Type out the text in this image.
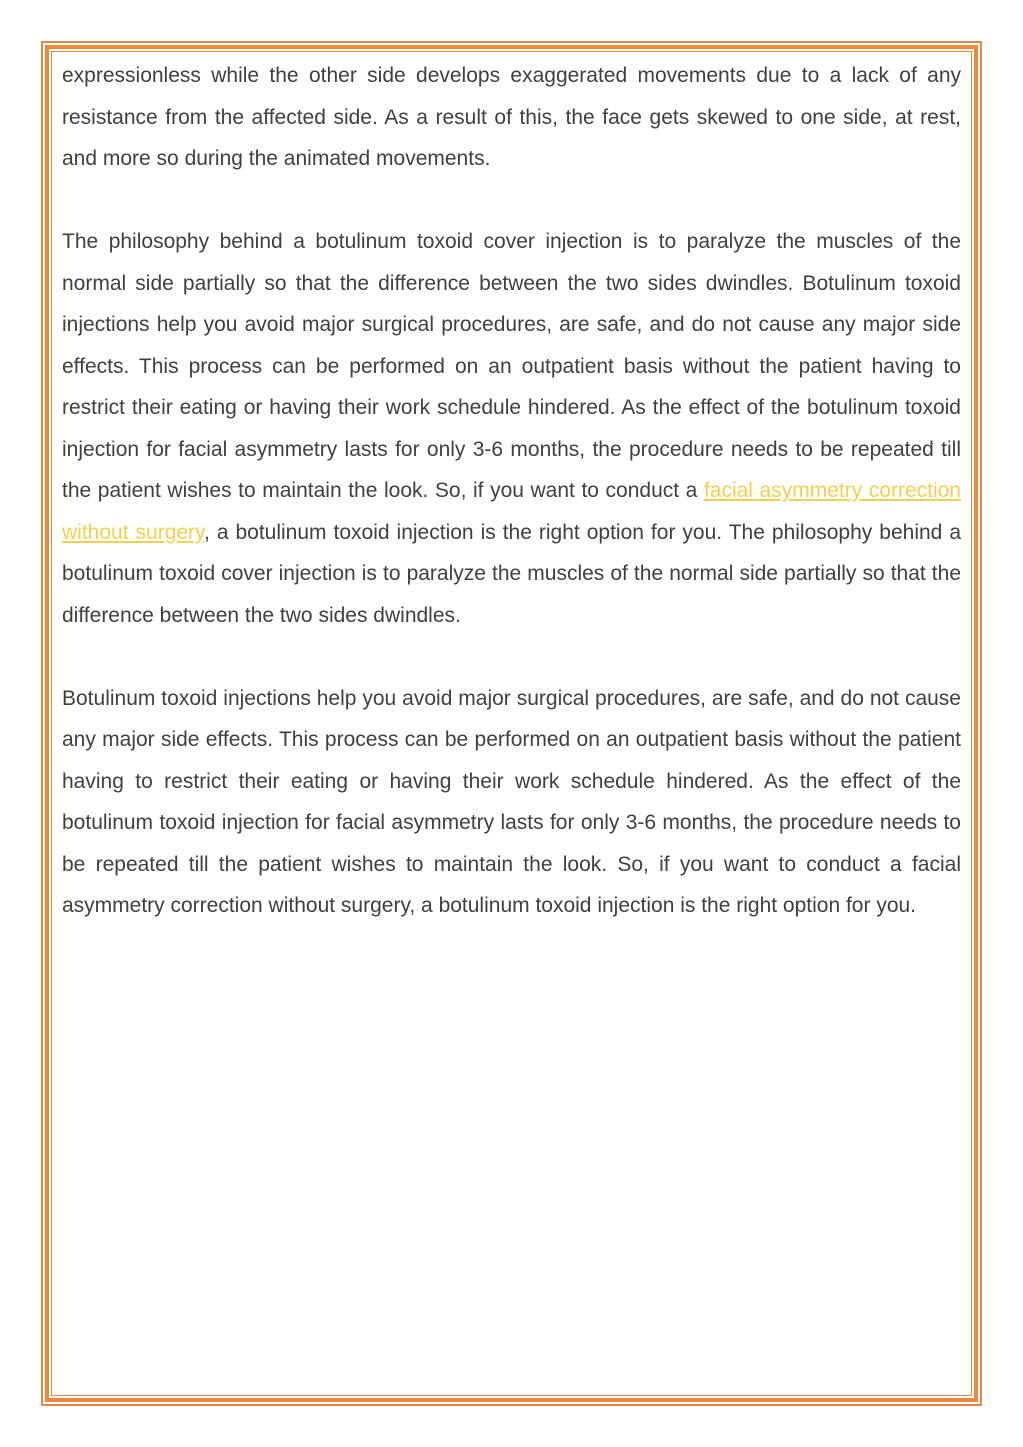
expressionless while the other side develops exaggerated movements due to a lack of any resistance from the affected side. As a result of this, the face gets skewed to one side, at rest, and more so during the animated movements.

The philosophy behind a botulinum toxoid cover injection is to paralyze the muscles of the normal side partially so that the difference between the two sides dwindles. Botulinum toxoid injections help you avoid major surgical procedures, are safe, and do not cause any major side effects. This process can be performed on an outpatient basis without the patient having to restrict their eating or having their work schedule hindered. As the effect of the botulinum toxoid injection for facial asymmetry lasts for only 3-6 months, the procedure needs to be repeated till the patient wishes to maintain the look. So, if you want to conduct a facial asymmetry correction without surgery, a botulinum toxoid injection is the right option for you. The philosophy behind a botulinum toxoid cover injection is to paralyze the muscles of the normal side partially so that the difference between the two sides dwindles.

Botulinum toxoid injections help you avoid major surgical procedures, are safe, and do not cause any major side effects. This process can be performed on an outpatient basis without the patient having to restrict their eating or having their work schedule hindered. As the effect of the botulinum toxoid injection for facial asymmetry lasts for only 3-6 months, the procedure needs to be repeated till the patient wishes to maintain the look. So, if you want to conduct a facial asymmetry correction without surgery, a botulinum toxoid injection is the right option for you.
